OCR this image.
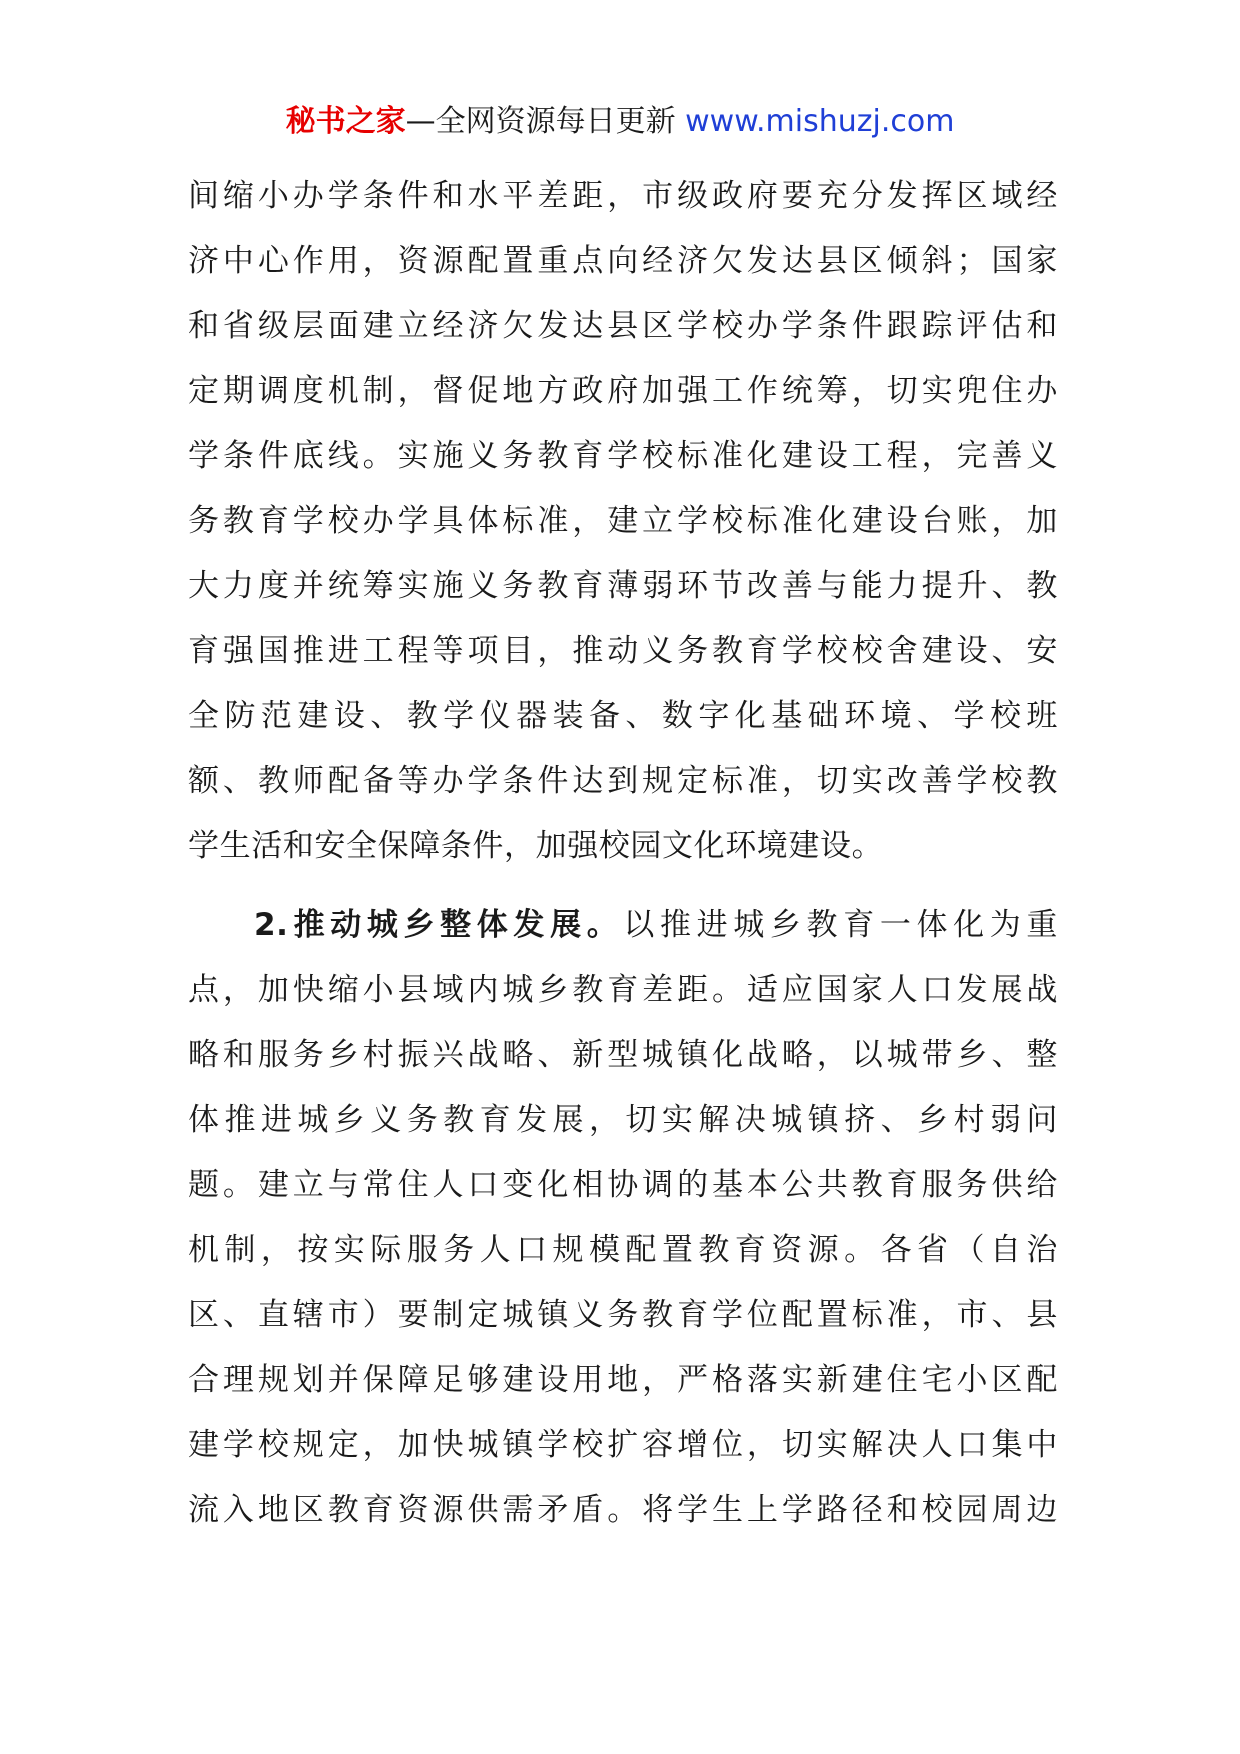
秘书之家—全网资源每日更新 www.mishuzj.com
间缩小办学条件和水平差距，市级政府要充分发挥区域经
济中心作用，资源配置重点向经济欠发达县区倾斜；国家
和省级层面建立经济欠发达县区学校办学条件跟踪评估和
定期调度机制，督促地方政府加强工作统筹，切实兜住办
学条件底线。实施义务教育学校标准化建设工程，完善义
务教育学校办学具体标准，建立学校标准化建设台账，加
大力度并统筹实施义务教育薄弱环节改善与能力提升、教
育强国推进工程等项目，推动义务教育学校校舍建设、安
全防范建设、教学仪器装备、数字化基础环境、学校班
额、教师配备等办学条件达到规定标准，切实改善学校教
学生活和安全保障条件，加强校园文化环境建设。
2.推动城乡整体发展。以推进城乡教育一体化为重
点，加快缩小县域内城乡教育差距。适应国家人口发展战
略和服务乡村振兴战略、新型城镇化战略，以城带乡、整
体推进城乡义务教育发展，切实解决城镇挤、乡村弱问
题。建立与常住人口变化相协调的基本公共教育服务供给
机制，按实际服务人口规模配置教育资源。各省（自治
区、直辖市）要制定城镇义务教育学位配置标准，市、县
合理规划并保障足够建设用地，严格落实新建住宅小区配
建学校规定，加快城镇学校扩容增位，切实解决人口集中
流入地区教育资源供需矛盾。将学生上学路径和校园周边
